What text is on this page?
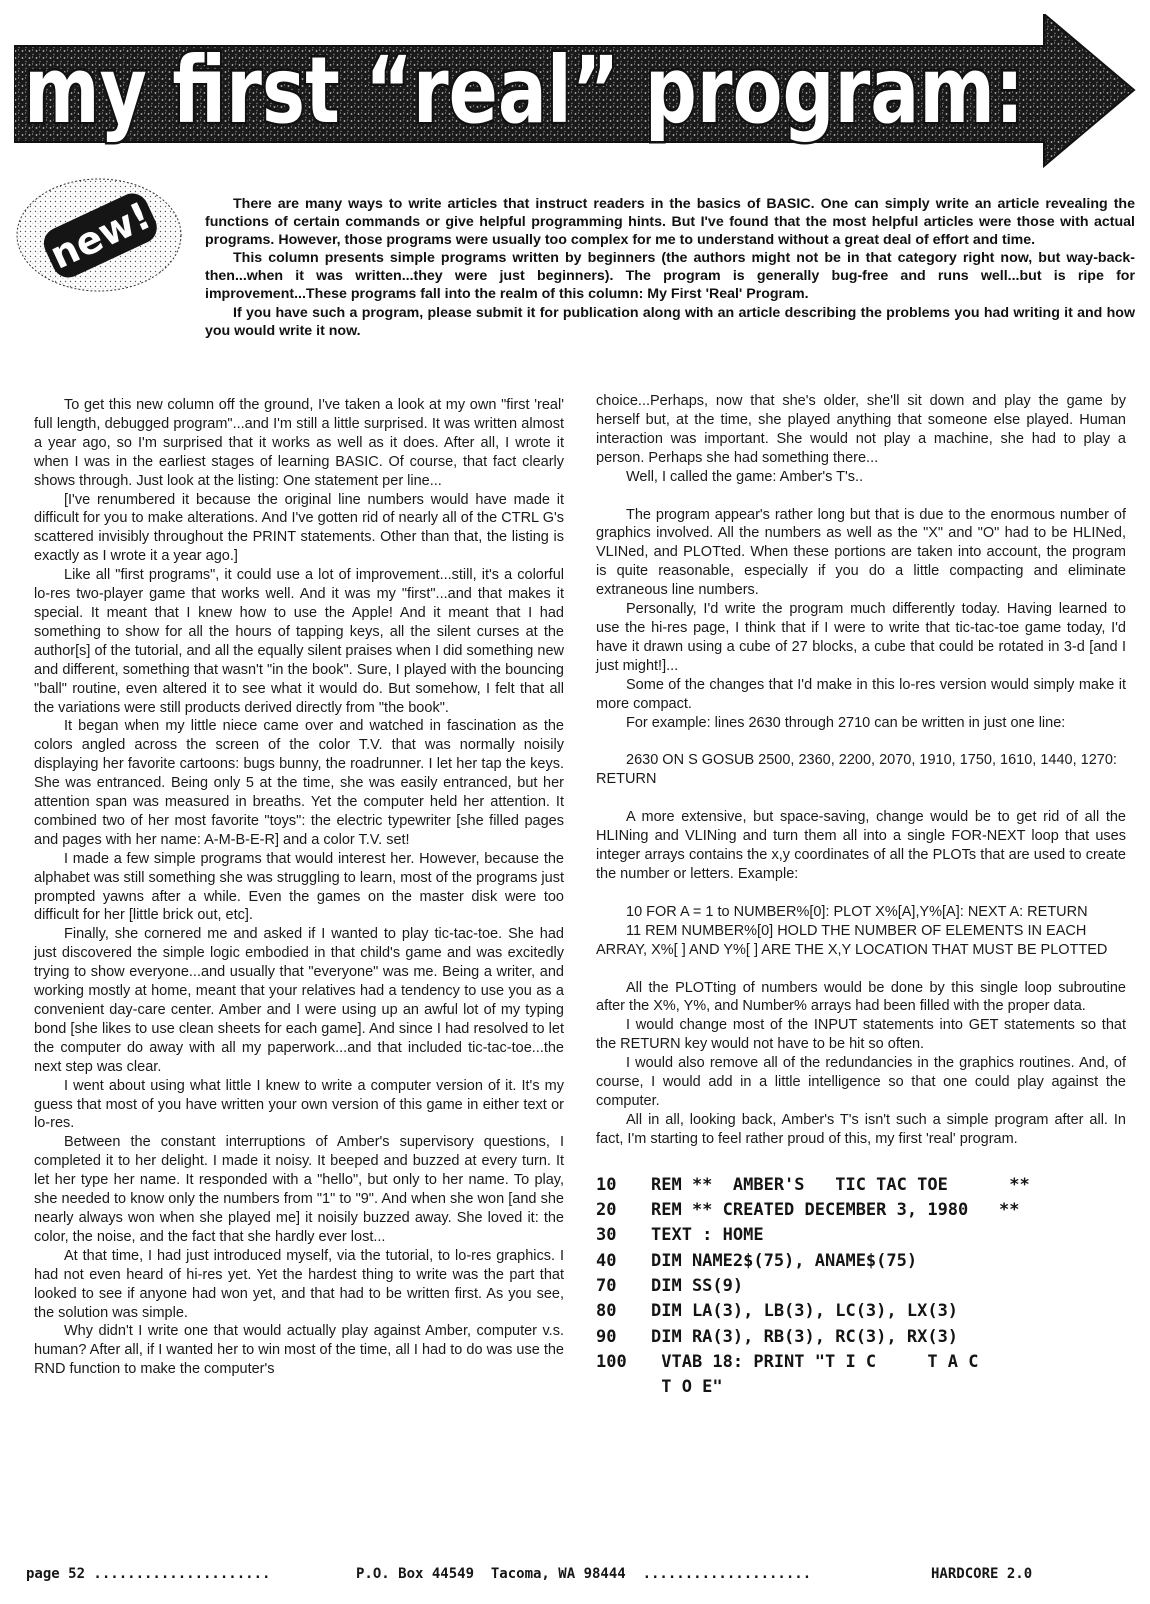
my first “real” program:
new!	There are many ways to write articles that instruct readers in the basics of BASIC. One can simply write an article revealing the functions of certain commands or give helpful programming hints. But I've found that the most helpful articles were those with actual programs. However, those programs were usually too complex for me to understand without a great deal of effort and time.

This column presents simple programs written by beginners (the authors might not be in that category right now, but way-back-then...when it was written...they were just beginners). The program is generally bug-free and runs well...but is ripe for improvement...These programs fall into the realm of this column: My First 'Real' Program.

If you have such a program, please submit it for publication along with an article describing the problems you had writing it and how you would write it now.

To get this new column off the ground, I've taken a look at my own "first 'real' full length, debugged program"...and I'm still a little surprised. It was written almost a year ago, so I'm surprised that it works as well as it does. After all, I wrote it when I was in the earliest stages of learning BASIC. Of course, that fact clearly shows through. Just look at the listing: One statement per line...

[I've renumbered it because the original line numbers would have made it difficult for you to make alterations. And I've gotten rid of nearly all of the CTRL G's scattered invisibly throughout the PRINT statements. Other than that, the listing is exactly as I wrote it a year ago.]

Like all "first programs", it could use a lot of improvement...still, it's a colorful lo-res two-player game that works well. And it was my "first"...and that makes it special. It meant that I knew how to use the Apple! And it meant that I had something to show for all the hours of tapping keys, all the silent curses at the author[s] of the tutorial, and all the equally silent praises when I did something new and different, something that wasn't "in the book". Sure, I played with the bouncing "ball" routine, even altered it to see what it would do. But somehow, I felt that all the variations were still products derived directly from "the book".

It began when my little niece came over and watched in fascination as the colors angled across the screen of the color T.V. that was normally noisily displaying her favorite cartoons: bugs bunny, the roadrunner. I let her tap the keys. She was entranced. Being only 5 at the time, she was easily entranced, but her attention span was measured in breaths. Yet the computer held her attention. It combined two of her most favorite "toys": the electric typewriter [she filled pages and pages with her name: A-M-B-E-R] and a color T.V. set!

I made a few simple programs that would interest her. However, because the alphabet was still something she was struggling to learn, most of the programs just prompted yawns after a while. Even the games on the master disk were too difficult for her [little brick out, etc].

Finally, she cornered me and asked if I wanted to play tic-tac-toe. She had just discovered the simple logic embodied in that child's game and was excitedly trying to show everyone...and usually that "everyone" was me. Being a writer, and working mostly at home, meant that your relatives had a tendency to use you as a convenient day-care center. Amber and I were using up an awful lot of my typing bond [she likes to use clean sheets for each game]. And since I had resolved to let the computer do away with all my paperwork...and that included tic-tac-toe...the next step was clear.

I went about using what little I knew to write a computer version of it. It's my guess that most of you have written your own version of this game in either text or lo-res.

Between the constant interruptions of Amber's supervisory questions, I completed it to her delight. I made it noisy. It beeped and buzzed at every turn. It let her type her name. It responded with a "hello", but only to her name. To play, she needed to know only the numbers from "1" to "9". And when she won [and she nearly always won when she played me] it noisily buzzed away. She loved it: the color, the noise, and the fact that she hardly ever lost...

At that time, I had just introduced myself, via the tutorial, to lo-res graphics. I had not even heard of hi-res yet. Yet the hardest thing to write was the part that looked to see if anyone had won yet, and that had to be written first. As you see, the solution was simple.

Why didn't I write one that would actually play against Amber, computer v.s. human? After all, if I wanted her to win most of the time, all I had to do was use the RND function to make the computer's

choice...Perhaps, now that she's older, she'll sit down and play the game by herself but, at the time, she played anything that someone else played. Human interaction was important. She would not play a machine, she had to play a person. Perhaps she had something there...

Well, I called the game: Amber's T's..

The program appear's rather long but that is due to the enormous number of graphics involved. All the numbers as well as the "X" and "O" had to be HLINed, VLINed, and PLOTted. When these portions are taken into account, the program is quite reasonable, especially if you do a little compacting and eliminate extraneous line numbers.

Personally, I'd write the program much differently today. Having learned to use the hi-res page, I think that if I were to write that tic-tac-toe game today, I'd have it drawn using a cube of 27 blocks, a cube that could be rotated in 3-d [and I just might!]...

Some of the changes that I'd make in this lo-res version would simply make it more compact.

For example: lines 2630 through 2710 can be written in just one line:

2630 ON S GOSUB 2500, 2360, 2200, 2070, 1910, 1750, 1610, 1440, 1270: RETURN

A more extensive, but space-saving, change would be to get rid of all the HLINing and VLINing and turn them all into a single FOR-NEXT loop that uses integer arrays contains the x,y coordinates of all the PLOTs that are used to create the number or letters. Example:

10 FOR A = 1 to NUMBER%[0]: PLOT X%[A],Y%[A]: NEXT A: RETURN

11 REM NUMBER%[0] HOLD THE NUMBER OF ELEMENTS IN EACH ARRAY, X%[ ] AND Y%[ ] ARE THE X,Y LOCATION THAT MUST BE PLOTTED

All the PLOTting of numbers would be done by this single loop subroutine after the X%, Y%, and Number% arrays had been filled with the proper data.

I would change most of the INPUT statements into GET statements so that the RETURN key would not have to be hit so often.

I would also remove all of the redundancies in the graphics routines. And, of course, I would add in a little intelligence so that one could play against the computer.

All in all, looking back, Amber's T's isn't such a simple program after all. In fact, I'm starting to feel rather proud of this, my first 'real' program.

10	REM **  AMBER'S   TIC TAC TOE      **
20	REM ** CREATED DECEMBER 3, 1980   **
30	TEXT : HOME
40	DIM NAME2$(75), ANAME$(75)
70	DIM SS(9)
80	DIM LA(3), LB(3), LC(3), LX(3)
90	DIM RA(3), RB(3), RC(3), RX(3)
100	VTAB 18: PRINT "T I C     T A C
T O E"
page 52 .....................	P.O. Box 44549  Tacoma, WA 98444  ....................	HARDCORE 2.0
